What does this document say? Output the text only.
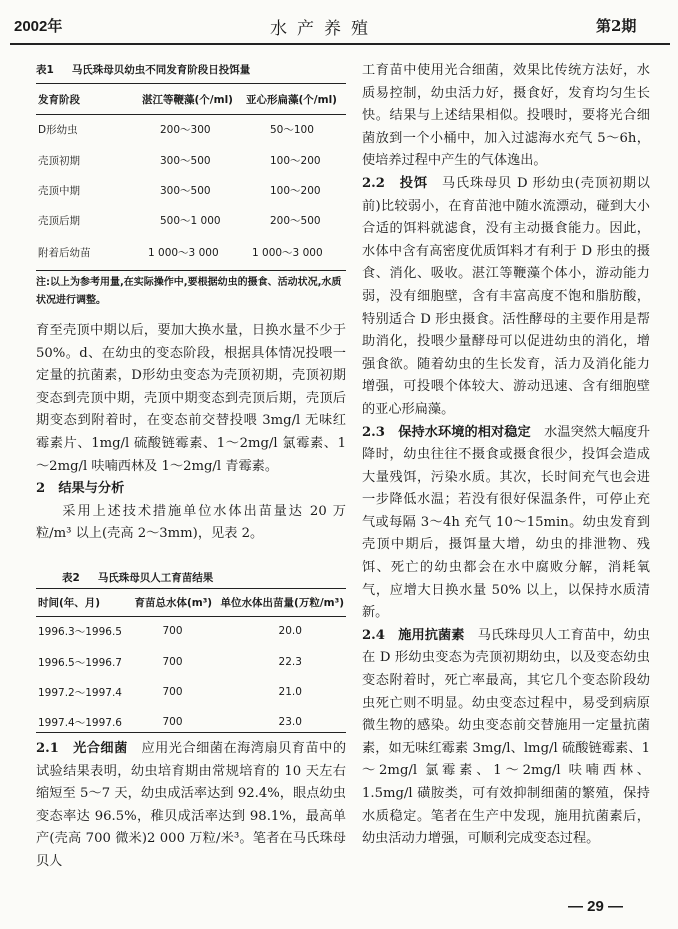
2002年	水产养殖	第2期
表1 马氏珠母贝幼虫不同发育阶段日投饵量
发育阶段	湛江等鞭藻(个/ml)	亚心形扁藻(个/ml)
D形幼虫	200～300	50～100
壳顶初期	300～500	100～200
壳顶中期	300～500	100～200
壳顶后期	500～1 000	200～500
附着后幼苗	1 000～3 000	1 000～3 000
注:以上为参考用量,在实际操作中,要根据幼虫的摄食、活动状况,水质状况进行调整。

育至壳顶中期以后，要加大换水量，日换水量不少于50%。d、在幼虫的变态阶段，根据具体情况投喂一定量的抗菌素，D形幼虫变态为壳顶初期，壳顶初期变态到壳顶中期，壳顶中期变态到壳顶后期，壳顶后期变态到附着时，在变态前交替投喂 3mg/l 无味红霉素片、1mg/l 硫酸链霉素、1～2mg/l 氯霉素、1～2mg/l 呋喃西林及 1～2mg/l 青霉素。

2　结果与分析

采用上述技术措施单位水体出苗量达 20 万粒/m³ 以上(壳高 2～3mm)，见表 2。

表2 马氏珠母贝人工育苗结果
时间(年、月)	育苗总水体(m³)	单位水体出苗量(万粒/m³)
1996.3～1996.5	700	20.0
1996.5～1996.7	700	22.3
1997.2～1997.4	700	21.0
1997.4～1997.6	700	23.0

2.1　光合细菌　 应用光合细菌在海湾扇贝育苗中的试验结果表明，幼虫培育期由常规培育的 10 天左右缩短至 5～7 天，幼虫成活率达到 92.4%，眼点幼虫变态率达 96.5%，稚贝成活率达到 98.1%，最高单产(壳高 700 微米)2 000 万粒/米³。笔者在马氏珠母贝人

工育苗中使用光合细菌，效果比传统方法好，水质易控制，幼虫活力好，摄食好，发育均匀生长快。结果与上述结果相似。投喂时，要将光合细菌放到一个小桶中，加入过滤海水充气 5～6h，使培养过程中产生的气体逸出。

2.2　投饵　 马氏珠母贝 D 形幼虫(壳顶初期以前)比较弱小，在育苗池中随水流漂动，碰到大小合适的饵料就滤食，没有主动摄食能力。因此，水体中含有高密度优质饵料才有利于 D 形虫的摄食、消化、吸收。湛江等鞭藻个体小，游动能力弱，没有细胞壁，含有丰富高度不饱和脂肪酸，特别适合 D 形虫摄食。活性酵母的主要作用是帮助消化，投喂少量酵母可以促进幼虫的消化，增强食欲。随着幼虫的生长发育，活力及消化能力增强，可投喂个体较大、游动迅速、含有细胞壁的亚心形扁藻。

2.3　保持水环境的相对稳定　 水温突然大幅度升降时，幼虫往往不摄食或摄食很少，投饵会造成大量残饵，污染水质。其次，长时间充气也会进一步降低水温；若没有很好保温条件，可停止充气或每隔 3～4h 充气 10～15min。幼虫发育到壳顶中期后，摄饵量大增，幼虫的排泄物、残饵、死亡的幼虫都会在水中腐败分解，消耗氧气，应增大日换水量 50% 以上，以保持水质清新。

2.4　施用抗菌素　 马氏珠母贝人工育苗中，幼虫在 D 形幼虫变态为壳顶初期幼虫，以及变态幼虫变态附着时，死亡率最高，其它几个变态阶段幼虫死亡则不明显。幼虫变态过程中，易受到病原微生物的感染。幼虫变态前交替施用一定量抗菌素，如无味红霉素 3mg/l、lmg/l 硫酸链霉素、1～2mg/l 氯霉素、1～2mg/l 呋喃西林、1.5mg/l 磺胺类，可有效抑制细菌的繁殖，保持水质稳定。笔者在生产中发现，施用抗菌素后，幼虫活动力增强，可顺利完成变态过程。

— 29 —
